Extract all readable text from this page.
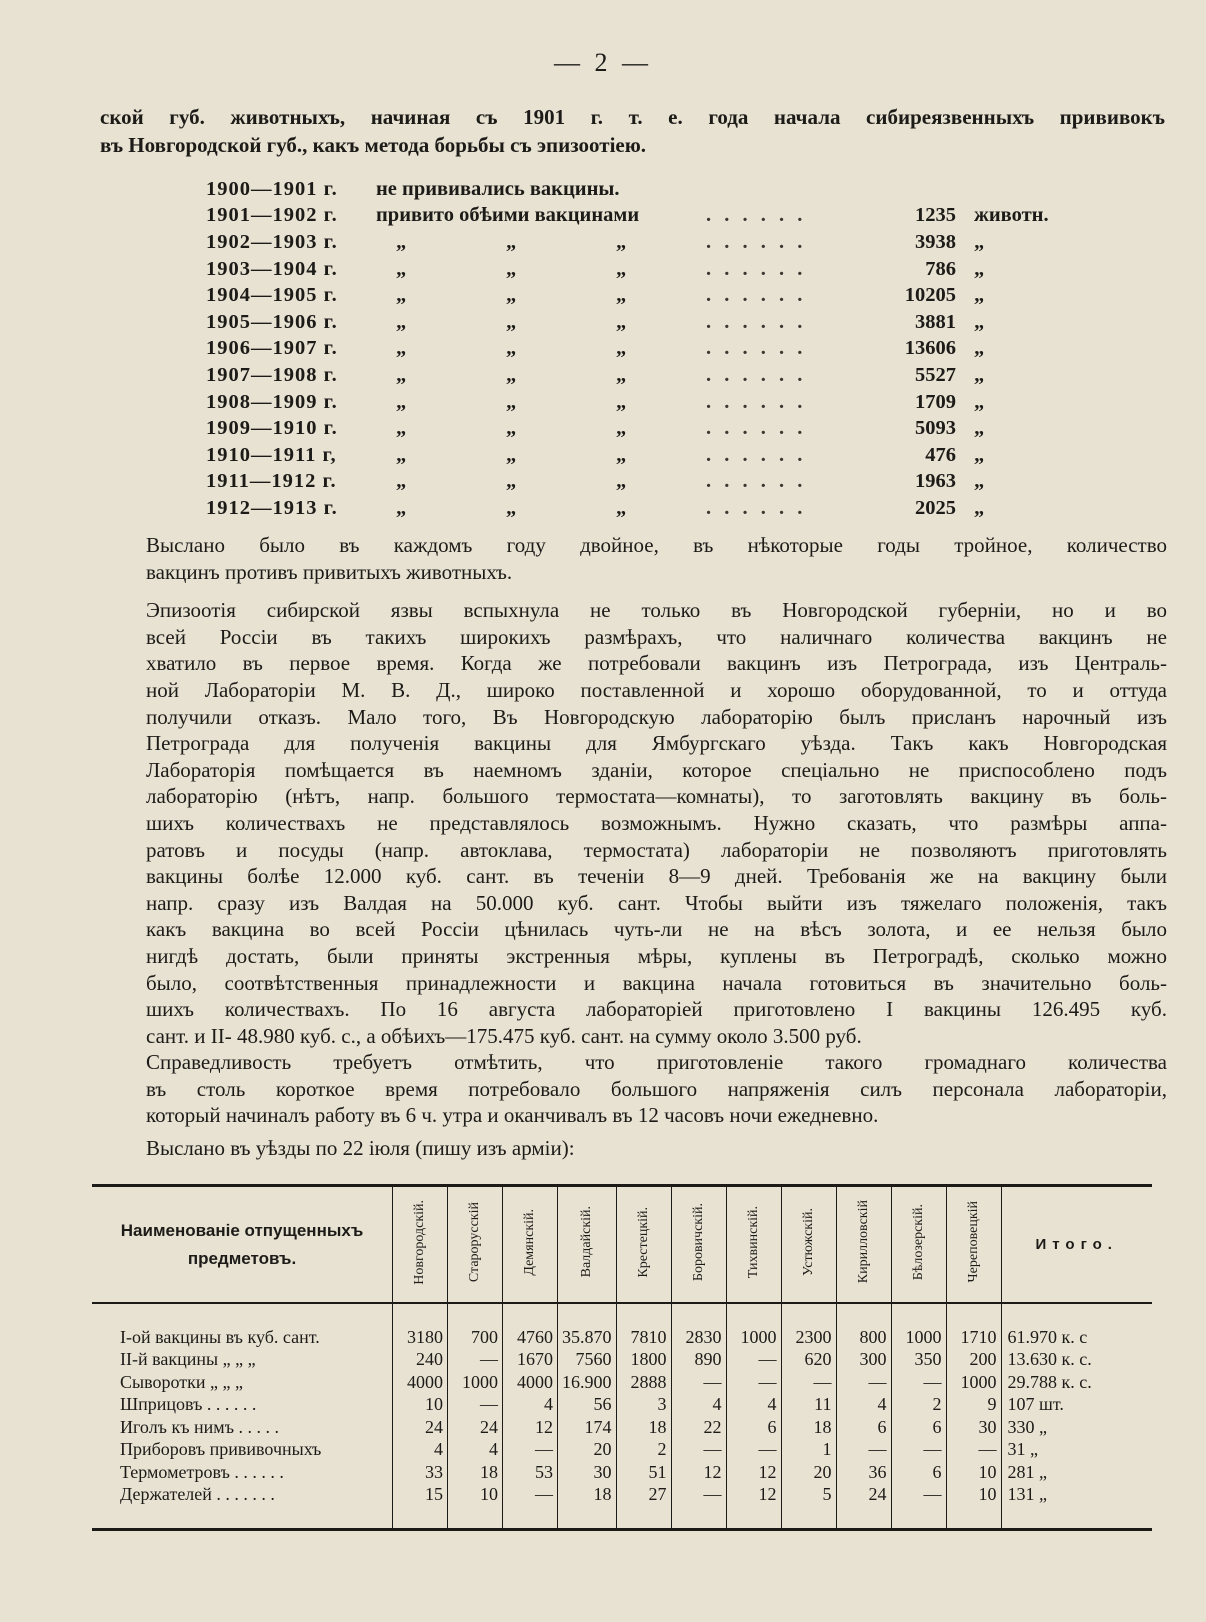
— 2 —

ской губ. животныхъ, начиная съ 1901 г. т. е. года начала сибиреязвенныхъ прививокъ

въ Новгородской губ., какъ метода борьбы съ эпизоотіею.

1900—1901 г.	не прививались вакцины.
1901—1902 г.	привито обѣими вакцинами	. . . . . .	1235 животн.
1902—1903 г.	„	„	„	. . . . . .	3938 „
1903—1904 г.	„	„	„	. . . . . .	786 „
1904—1905 г.	„	„	„	. . . . . .	10205 „
1905—1906 г.	„	„	„	. . . . . .	3881 „
1906—1907 г.	„	„	„	. . . . . .	13606 „
1907—1908 г.	„	„	„	. . . . . .	5527 „
1908—1909 г.	„	„	„	. . . . . .	1709 „
1909—1910 г.	„	„	„	. . . . . .	5093 „
1910—1911 г,	„	„	„	. . . . . .	476 „
1911—1912 г.	„	„	„	. . . . . .	1963 „
1912—1913 г.	„	„	„	. . . . . .	2025 „

Выслано было въ каждомъ году двойное, въ нѣкоторые годы тройное, количество

вакцинъ противъ привитыхъ животныхъ.

Эпизоотія сибирской язвы вспыхнула не только въ Новгородской губерніи, но и во

всей Россіи въ такихъ широкихъ размѣрахъ, что наличнаго количества вакцинъ не

хватило въ первое время. Когда же потребовали вакцинъ изъ Петрограда, изъ Централь-

ной Лабораторіи М. В. Д., широко поставленной и хорошо оборудованной, то и оттуда

получили отказъ. Мало того, Въ Новгородскую лабораторію былъ присланъ нарочный изъ

Петрограда для полученія вакцины для Ямбургскаго уѣзда. Такъ какъ Новгородская

Лабораторія помѣщается въ наемномъ зданіи, которое спеціально не приспособлено подъ

лабораторію (нѣтъ, напр. большого термостата—комнаты), то заготовлять вакцину въ боль-

шихъ количествахъ не представлялось возможнымъ. Нужно сказать, что размѣры аппа-

ратовъ и посуды (напр. автоклава, термостата) лабораторіи не позволяютъ приготовлять

вакцины болѣе 12.000 куб. сант. въ теченіи 8—9 дней. Требованія же на вакцину были

напр. сразу изъ Валдая на 50.000 куб. сант. Чтобы выйти изъ тяжелаго положенія, такъ

какъ вакцина во всей Россіи цѣнилась чуть-ли не на вѣсъ золота, и ее нельзя было

нигдѣ достать, были приняты экстренныя мѣры, куплены въ Петроградѣ, сколько можно

было, соотвѣтственныя принадлежности и вакцина начала готовиться въ значительно боль-

шихъ количествахъ. По 16 августа лабораторіей приготовлено I вакцины 126.495 куб.

сант. и II- 48.980 куб. с., а обѣихъ—175.475 куб. сант. на сумму около 3.500 руб.

Справедливость требуетъ отмѣтить, что приготовленіе такого громаднаго количества

въ столь короткое время потребовало большого напряженія силъ персонала лабораторіи,

который начиналъ работу въ 6 ч. утра и оканчивалъ въ 12 часовъ ночи ежедневно.

Выслано въ уѣзды по 22 іюля (пишу изъ арміи):

Наименованіе отпущенныхъ предметовъ.	Новгородскій.	Старорусскій	Демянскій.	Валдайскій.	Крестецкій.	Боровичскій.	Тихвинскій.	Устюжскій.	Кирилловскій	Бѣлозерскій.	Череповецкій	Итого.

I-ой вакцины въ куб. сант.	3180	700	4760	35.870	7810	2830	1000	2300	800	1000	1710	61.970 к. с
II-й вакцины „ „ „	240	—	1670	7560	1800	890	—	620	300	350	200	13.630 к. с.
Сыворотки „ „ „	4000	1000	4000	16.900	2888	—	—	—	—	—	1000	29.788 к. с.
Шприцовъ . . . . . .	10	—	4	56	3	4	4	11	4	2	9	107 шт.
Иголъ къ нимъ . . . . .	24	24	12	174	18	22	6	18	6	6	30	330 „
Приборовъ прививочныхъ	4	4	—	20	2	—	—	1	—	—	—	31 „
Термометровъ . . . . . .	33	18	53	30	51	12	12	20	36	6	10	281 „
Держателей . . . . . . .	15	10	—	18	27	—	12	5	24	—	10	131 „
